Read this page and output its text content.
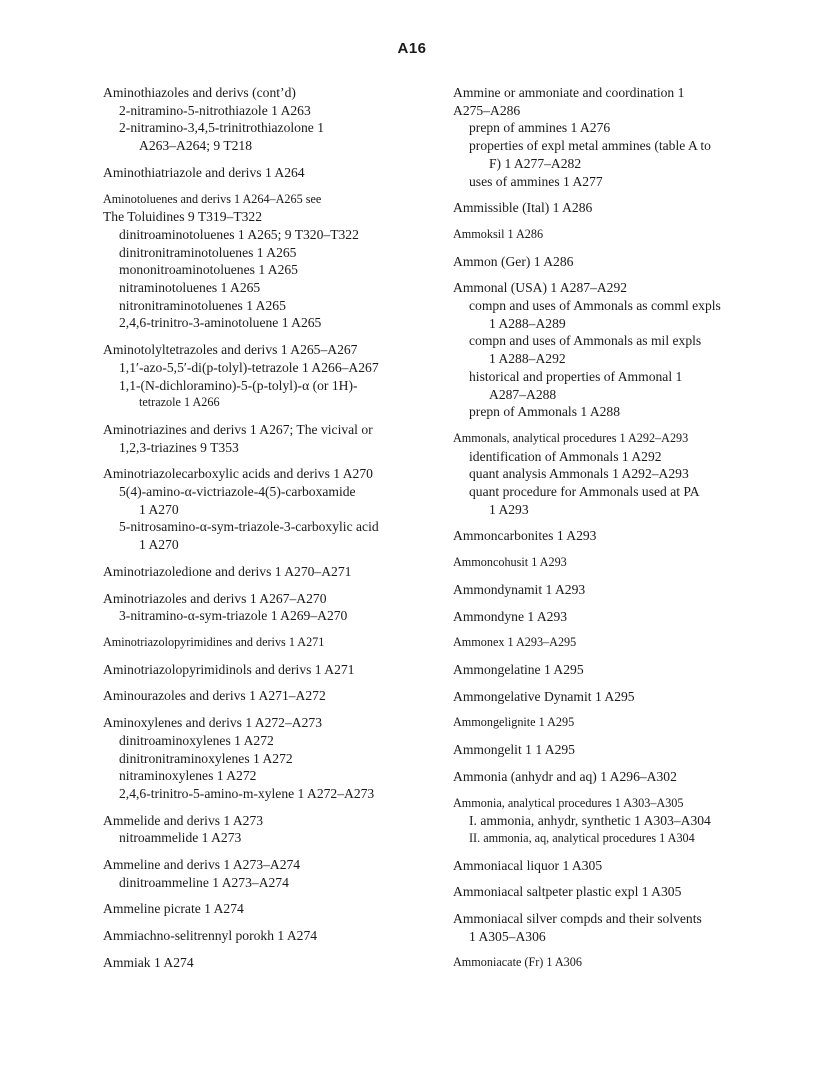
A16
Aminothiazoles and derivs (cont’d)
2-nitramino-5-nitrothiazole 1 A263
2-nitramino-3,4,5-trinitrothiazolone 1
A263–A264; 9 T218
Aminothiatriazole and derivs 1 A264
Aminotoluenes and derivs 1 A264–A265 see
The Toluidines 9 T319–T322
dinitroaminotoluenes 1 A265; 9 T320–T322
dinitronitraminotoluenes 1 A265
mononitroaminotoluenes 1 A265
nitraminotoluenes 1 A265
nitronitraminotoluenes 1 A265
2,4,6-trinitro-3-aminotoluene 1 A265
Aminotolyltetrazoles and derivs 1 A265–A267
1,1′-azo-5,5′-di(p-tolyl)-tetrazole 1 A266–A267
1,1-(N-dichloramino)-5-(p-tolyl)-α (or 1H)-
tetrazole 1 A266
Aminotriazines and derivs 1 A267; The vicival or
1,2,3-triazines 9 T353
Aminotriazolecarboxylic acids and derivs 1 A270
5(4)-amino-α-victriazole-4(5)-carboxamide
1 A270
5-nitrosamino-α-sym-triazole-3-carboxylic acid
1 A270
Aminotriazoledione and derivs 1 A270–A271
Aminotriazoles and derivs 1 A267–A270
3-nitramino-α-sym-triazole 1 A269–A270
Aminotriazolopyrimidines and derivs 1 A271
Aminotriazolopyrimidinols and derivs 1 A271
Aminourazoles and derivs 1 A271–A272
Aminoxylenes and derivs 1 A272–A273
dinitroaminoxylenes 1 A272
dinitronitraminoxylenes 1 A272
nitraminoxylenes 1 A272
2,4,6-trinitro-5-amino-m-xylene 1 A272–A273
Ammelide and derivs 1 A273
nitroammelide 1 A273
Ammeline and derivs 1 A273–A274
dinitroammeline 1 A273–A274
Ammeline picrate 1 A274
Ammiachno-selitrennyl porokh 1 A274
Ammiak 1 A274
Ammine or ammoniate and coordination 1
A275–A286
prepn of ammines 1 A276
properties of expl metal ammines (table A to
F) 1 A277–A282
uses of ammines 1 A277
Ammissible (Ital) 1 A286
Ammoksil 1 A286
Ammon (Ger) 1 A286
Ammonal (USA) 1 A287–A292
compn and uses of Ammonals as comml expls
1 A288–A289
compn and uses of Ammonals as mil expls
1 A288–A292
historical and properties of Ammonal 1
A287–A288
prepn of Ammonals 1 A288
Ammonals, analytical procedures 1 A292–A293
identification of Ammonals 1 A292
quant analysis Ammonals 1 A292–A293
quant procedure for Ammonals used at PA
1 A293
Ammoncarbonites 1 A293
Ammoncohusit 1 A293
Ammondynamit 1 A293
Ammondyne 1 A293
Ammonex 1 A293–A295
Ammongelatine 1 A295
Ammongelative Dynamit 1 A295
Ammongelignite 1 A295
Ammongelit 1 1 A295
Ammonia (anhydr and aq) 1 A296–A302
Ammonia, analytical procedures 1 A303–A305
I. ammonia, anhydr, synthetic 1 A303–A304
II. ammonia, aq, analytical procedures 1 A304
Ammoniacal liquor 1 A305
Ammoniacal saltpeter plastic expl 1 A305
Ammoniacal silver compds and their solvents
1 A305–A306
Ammoniacate (Fr) 1 A306
